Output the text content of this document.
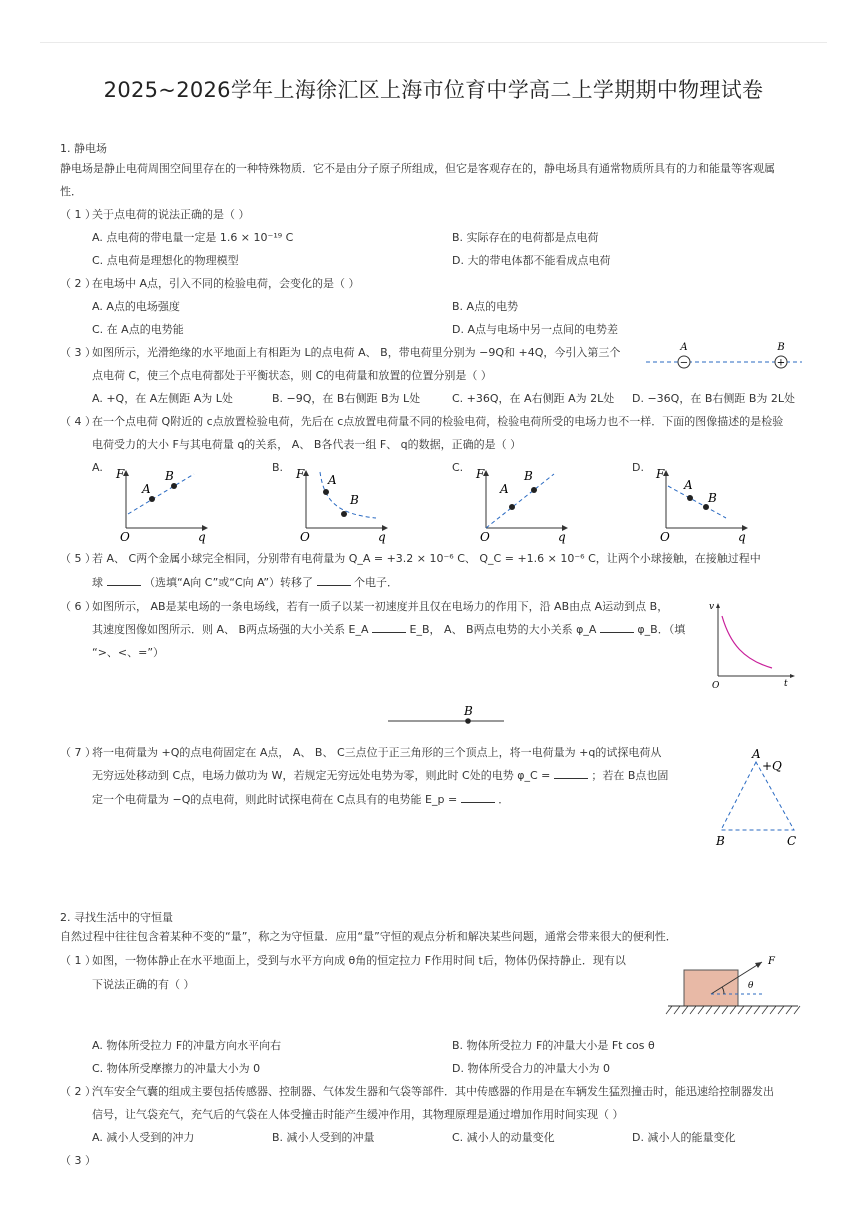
2025~2026学年上海徐汇区上海市位育中学高二上学期期中物理试卷
1. 静电场
静电场是静止电荷周围空间里存在的一种特殊物质．它不是由分子原子所组成，但它是客观存在的，静电场具有通常物质所具有的力和能量等客观属
性．
（ 1 ）
关于点电荷的说法正确的是（ ）
A. 点电荷的带电量一定是 1.6 × 10⁻¹⁹ C	B. 实际存在的电荷都是点电荷
C. 点电荷是理想化的物理模型	D. 大的带电体都不能看成点电荷
（ 2 ）
在电场中 A点，引入不同的检验电荷，会变化的是（ ）
A. A点的电场强度	B. A点的电势
C. 在 A点的电势能	D. A点与电场中另一点间的电势差
（ 3 ）
如图所示，光滑绝缘的水平地面上有相距为 L的点电荷 A、 B，带电荷里分别为 −9Q和 +4Q，今引入第三个
点电荷 C，使三个点电荷都处于平衡状态，则 C的电荷量和放置的位置分别是（ ）
A. +Q，在 A左侧距 A为 L处	B. −9Q，在 B右侧距 B为 L处	C. +36Q，在 A右侧距 A为 2L处 D. −36Q，在 B右侧距 B为 2L处
−	+
A	B
（ 4 ）
在一个点电荷 Q附近的 c点放置检验电荷，先后在 c点放置电荷量不同的检验电荷，检验电荷所受的电场力也不一样．下面的图像描述的是检验
电荷受力的大小 F与其电荷量 q的关系， A、 B各代表一组 F、 q的数据，正确的是（ ）
A.	B.	C.	D.
F
O	q
A
B	F
O	q
A
B
F
O	q
A
B	F
O	q
A
B
（ 5 ）
若 A、 C两个金属小球完全相同，分别带有电荷量为 Q_A = +3.2 × 10⁻⁶ C、 Q_C = +1.6 × 10⁻⁶ C，让两个小球接触，在接触过程中
球	（选填“A向 C”或“C向 A”）转移了	个电子．
（ 6 ）
如图所示， AB是某电场的一条电场线，若有一质子以某一初速度并且仅在电场力的作用下，沿 AB由点 A运动到点 B，
其速度图像如图所示．则 A、 B两点场强的大小关系 E_A	E_B， A、 B两点电势的大小关系 φ_A	φ_B．（填
“>、<、=”）
v
O	t
B
（ 7 ）
将一电荷量为 +Q的点电荷固定在 A点， A、 B、 C三点位于正三角形的三个顶点上，将一电荷量为 +q的试探电荷从
无穷远处移动到 C点，电场力做功为 W，若规定无穷远处电势为零，则此时 C处的电势 φ_C =	；若在 B点也固
定一个电荷量为 −Q的点电荷，则此时试探电荷在 C点具有的电势能 E_p =	．
A
+Q
B	C
2. 寻找生活中的守恒量
自然过程中往往包含着某种不变的“量”，称之为守恒量．应用“量”守恒的观点分析和解决某些问题，通常会带来很大的便利性．
（ 1 ）
如图，一物体静止在水平地面上，受到与水平方向成 θ角的恒定拉力 F作用时间 t后，物体仍保持静止．现有以
下说法正确的有（ ）
F
θ
A. 物体所受拉力 F的冲量方向水平向右	B. 物体所受拉力 F的冲量大小是 Ft cos θ
C. 物体所受摩擦力的冲量大小为 0	D. 物体所受合力的冲量大小为 0
（ 2 ）
汽车安全气囊的组成主要包括传感器、控制器、气体发生器和气袋等部件．其中传感器的作用是在车辆发生猛烈撞击时，能迅速给控制器发出
信号，让气袋充气，充气后的气袋在人体受撞击时能产生缓冲作用，其物理原理是通过增加作用时间实现（ ）
A. 减小人受到的冲力	B. 减小人受到的冲量	C. 减小人的动量变化	D. 减小人的能量变化
（ 3 ）
